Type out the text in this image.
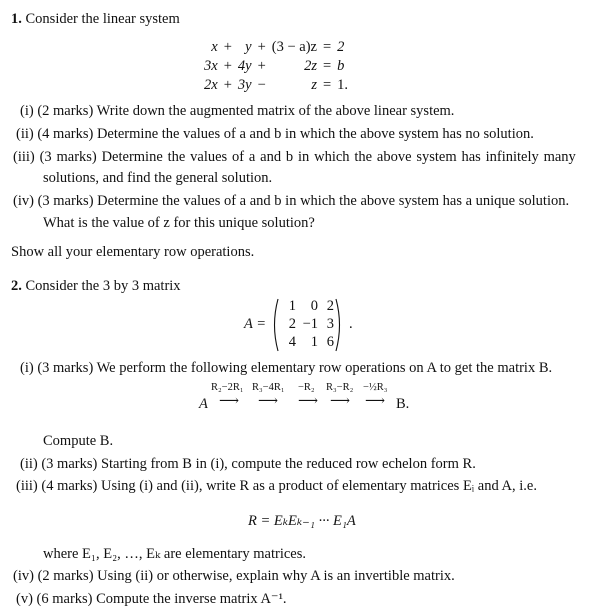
1. Consider the linear system
x	+	y	+	(3 − a)z	=	2
3x	+	4y	+	2z	=	b
2x	+	3y	−	z	=	1.
(i) (2 marks) Write down the augmented matrix of the above linear system.
(ii) (4 marks) Determine the values of a and b in which the above system has no solution.
(iii) (3 marks) Determine the values of a and b in which the above system has infinitely many
solutions, and find the general solution.
(iv) (3 marks) Determine the values of a and b in which the above system has a unique solution.
What is the value of z for this unique solution?
Show all your elementary row operations.
2. Consider the 3 by 3 matrix
A =
1	0 2
2 −1 3
4	1 6
.
(i) (3 marks) We perform the following elementary row operations on A to get the matrix B.
A
R₂−2R₁
⟶
R₃−4R₁
⟶
−R₂
⟶
R₃−R₂
⟶
−½R₃
⟶ B.
Compute B.
(ii) (3 marks) Starting from B in (i), compute the reduced row echelon form R.
(iii) (4 marks) Using (i) and (ii), write R as a product of elementary matrices Eᵢ and A, i.e.
R = EₖEₖ₋₁ ··· E₁A
where E₁, E₂, …, Eₖ are elementary matrices.
(iv) (2 marks) Using (ii) or otherwise, explain why A is an invertible matrix.
(v) (6 marks) Compute the inverse matrix A⁻¹.
